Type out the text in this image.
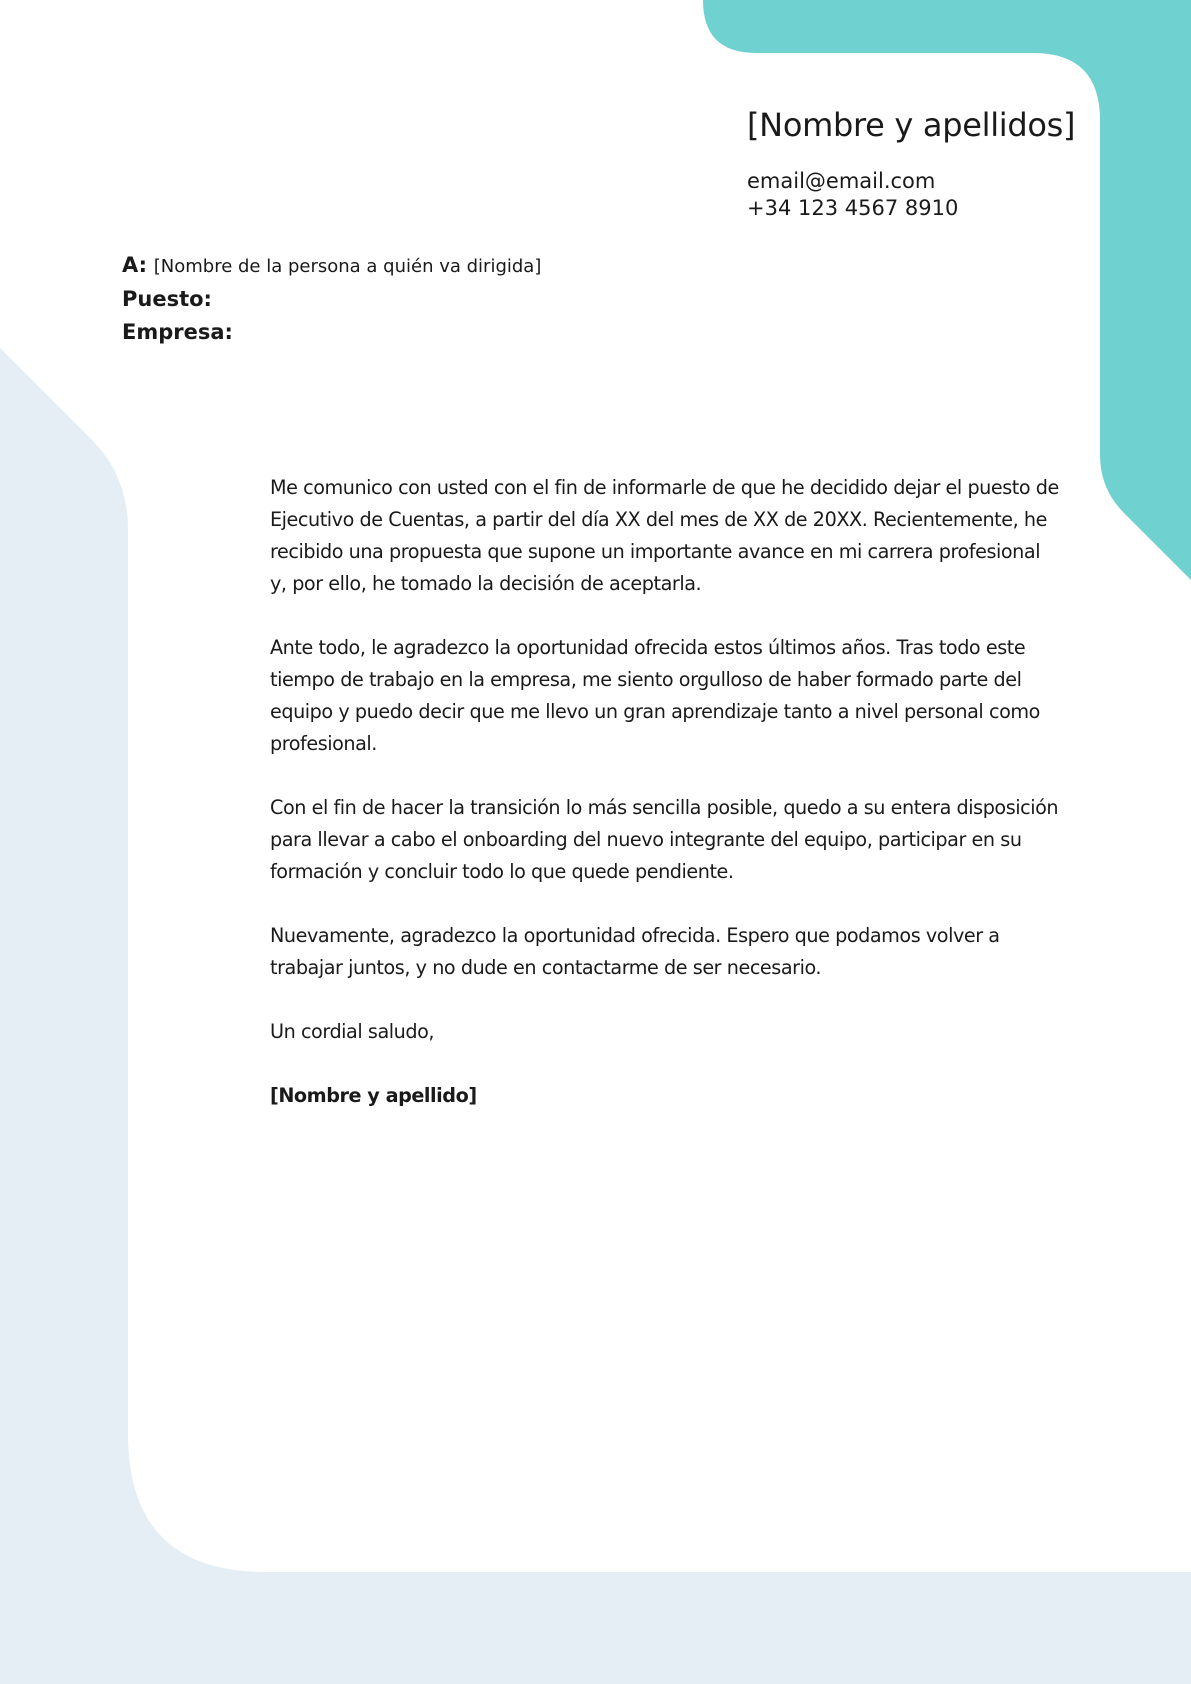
[Nombre y apellidos]
email@email.com
+34 123 4567 8910
A: [Nombre de la persona a quién va dirigida]
Puesto:
Empresa:

Me comunico con usted con el fin de informarle de que he decidido dejar el puesto de Ejecutivo de Cuentas, a partir del día XX del mes de XX de 20XX. Recientemente, he recibido una propuesta que supone un importante avance en mi carrera profesional y, por ello, he tomado la decisión de aceptarla.

Ante todo, le agradezco la oportunidad ofrecida estos últimos años. Tras todo este tiempo de trabajo en la empresa, me siento orgulloso de haber formado parte del equipo y puedo decir que me llevo un gran aprendizaje tanto a nivel personal como profesional.

Con el fin de hacer la transición lo más sencilla posible, quedo a su entera disposición para llevar a cabo el onboarding del nuevo integrante del equipo, participar en su formación y concluir todo lo que quede pendiente.

Nuevamente, agradezco la oportunidad ofrecida. Espero que podamos volver a trabajar juntos, y no dude en contactarme de ser necesario.

Un cordial saludo,

[Nombre y apellido]
